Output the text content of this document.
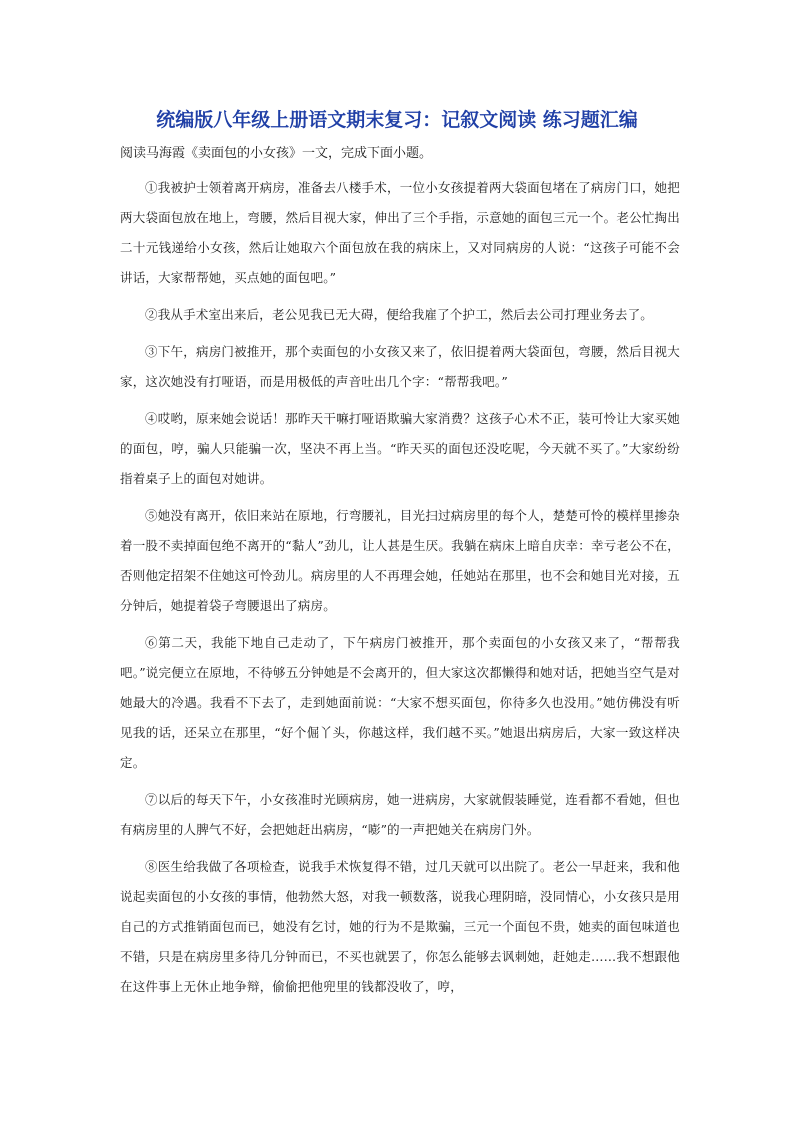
统编版八年级上册语文期末复习：记叙文阅读 练习题汇编

阅读马海霞《卖面包的小女孩》一文，完成下面小题。

①我被护士领着离开病房，准备去八楼手术，一位小女孩提着两大袋面包堵在了病房门口，她把两大袋面包放在地上，弯腰，然后目视大家，伸出了三个手指，示意她的面包三元一个。老公忙掏出二十元钱递给小女孩，然后让她取六个面包放在我的病床上，又对同病房的人说：“这孩子可能不会讲话，大家帮帮她，买点她的面包吧。”

②我从手术室出来后，老公见我已无大碍，便给我雇了个护工，然后去公司打理业务去了。

③下午，病房门被推开，那个卖面包的小女孩又来了，依旧提着两大袋面包，弯腰，然后目视大家，这次她没有打哑语，而是用极低的声音吐出几个字：“帮帮我吧。”

④哎哟，原来她会说话！那昨天干嘛打哑语欺骗大家消费？这孩子心术不正，装可怜让大家买她的面包，哼，骗人只能骗一次，坚决不再上当。“昨天买的面包还没吃呢，今天就不买了。”大家纷纷指着桌子上的面包对她讲。

⑤她没有离开，依旧来站在原地，行弯腰礼，目光扫过病房里的每个人，楚楚可怜的模样里掺杂着一股不卖掉面包绝不离开的“黏人”劲儿，让人甚是生厌。我躺在病床上暗自庆幸：幸亏老公不在，否则他定招架不住她这可怜劲儿。病房里的人不再理会她，任她站在那里，也不会和她目光对接，五分钟后，她提着袋子弯腰退出了病房。

⑥第二天，我能下地自己走动了，下午病房门被推开，那个卖面包的小女孩又来了，“帮帮我吧。”说完便立在原地，不待够五分钟她是不会离开的，但大家这次都懒得和她对话，把她当空气是对她最大的冷遇。我看不下去了，走到她面前说：“大家不想买面包，你待多久也没用。”她仿佛没有听见我的话，还呆立在那里，“好个倔丫头，你越这样，我们越不买。”她退出病房后，大家一致这样决定。

⑦以后的每天下午，小女孩准时光顾病房，她一进病房，大家就假装睡觉，连看都不看她，但也有病房里的人脾气不好，会把她赶出病房，“嘭”的一声把她关在病房门外。

⑧医生给我做了各项检查，说我手术恢复得不错，过几天就可以出院了。老公一早赶来，我和他说起卖面包的小女孩的事情，他勃然大怒，对我一顿数落，说我心理阴暗，没同情心，小女孩只是用自己的方式推销面包而已，她没有乞讨，她的行为不是欺骗，三元一个面包不贵，她卖的面包味道也不错，只是在病房里多待几分钟而已，不买也就罢了，你怎么能够去讽刺她，赶她走……我不想跟他在这件事上无休止地争辩，偷偷把他兜里的钱都没收了，哼，
